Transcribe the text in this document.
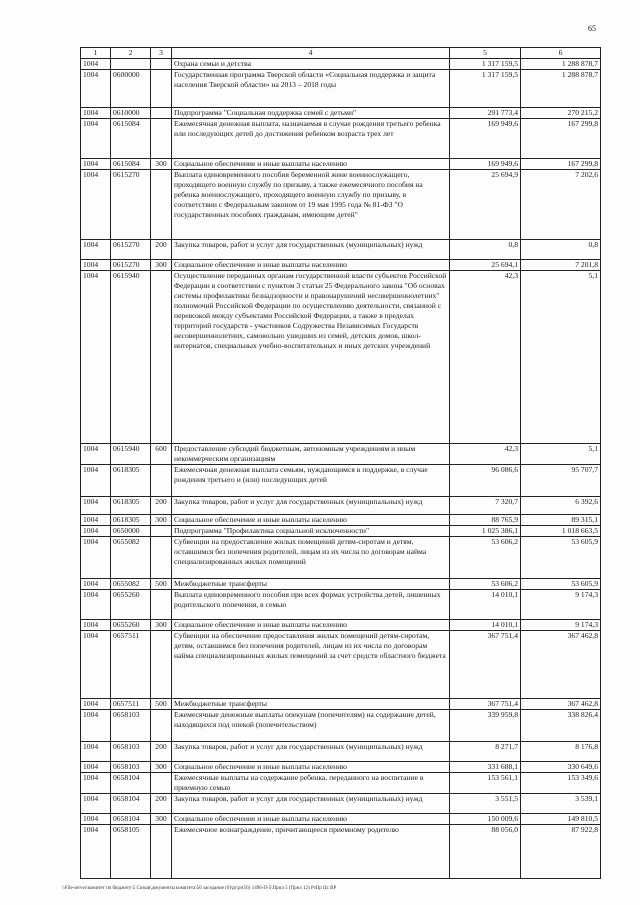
65
1	2	3	4	5	6
1004			Охрана семьи и детства	1 317 159,5	1 288 878,7
1004	0600000		Государственная программа Тверской области «Социальная поддержка и защита населения Тверской области» на 2013 – 2018 годы	1 317 159,5	1 288 878,7
1004	0610000		Подпрограмма "Социальная поддержка семей с детьми"	291 773,4	270 215,2
1004	0615084		Ежемесячная денежная выплата, назначаемая в случае рождения третьего ребенка или последующих детей до достижения ребенком возраста трех лет	169 949,6	167 299,8
1004	0615084	300	Социальное обеспечение и иные выплаты населению	169 949,6	167 299,8
1004	0615270		Выплата единовременного пособия беременной жене военнослужащего, проходящего военную службу по призыву, а также ежемесячного пособия на ребенка военнослужащего, проходящего военную службу по призыву, в соответствии с Федеральным законом от 19 мая 1995 года № 81-ФЗ "О государственных пособиях гражданам, имеющим детей"	25 694,9	7 202,6
1004	0615270	200	Закупка товаров, работ и услуг для государственных (муниципальных) нужд	0,8	0,8
1004	0615270	300	Социальное обеспечение и иные выплаты населению	25 694,1	7 201,8
1004	0615940		Осуществление переданных органам государственной власти субъектов Российской Федерации в соответствии с пунктом 3 статьи 25 Федерального закона "Об основах системы профилактики безнадзорности и правонарушений несовершеннолетних" полномочий Российской Федерации по осуществлению деятельности, связанной с перевозкой между субъектами Российской Федерации, а также в пределах территорий государств - участников Содружества Независимых Государств несовершеннолетних, самовольно ушедших из семей, детских домов, школ-интернатов, специальных учебно-воспитательных и иных детских учреждений	42,3	5,1
1004	0615940	600	Предоставление субсидий бюджетным, автономным учреждениям и иным некоммерческим организациям	42,3	5,1
1004	0618305		Ежемесячная денежная выплата семьям, нуждающимся в поддержке, в случае рождения третьего и (или) последующих детей	96 086,6	95 707,7
1004	0618305	200	Закупка товаров, работ и услуг для государственных (муниципальных) нужд	7 320,7	6 392,6
1004	0618305	300	Социальное обеспечение и иные выплаты населению	88 765,9	89 315,1
1004	0650000		Подпрограмма "Профилактика социальной исключенности"	1 025 386,1	1 018 663,5
1004	0655082		Субвенции на предоставление жилых помещений детям-сиротам и детям, оставшимся без попечения родителей, лицам из их числа по договорам найма специализированных жилых помещений	53 606,2	53 605,9
1004	0655082	500	Межбюджетные трансферты	53 606,2	53 605,9
1004	0655260		Выплата единовременного пособия при всех формах устройства детей, лишенных родительского попечения, в семью	14 010,1	9 174,3
1004	0655260	300	Социальное обеспечение и иные выплаты населению	14 010,1	9 174,3
1004	0657511		Субвенции на обеспечение предоставления жилых помещений детям-сиротам, детям, оставшимся без попечения родителей, лицам из их числа по договорам найма специализированных жилых помещений за счет средств областного бюджета	367 751,4	367 462,8
1004	0657511	500	Межбюджетные трансферты	367 751,4	367 462,8
1004	0658103		Ежемесячные денежные выплаты опекунам (попечителям) на содержание детей, находящихся под опекой (попечительством)	339 959,8	338 826,4
1004	0658103	200	Закупка товаров, работ и услуг для государственных (муниципальных) нужд	8 271,7	8 176,8
1004	0658103	300	Социальное обеспечение и иные выплаты населению	331 688,1	330 649,6
1004	0658104		Ежемесячные выплаты на содержание ребенка, переданного на воспитание в приемную семью	153 561,1	153 349,6
1004	0658104	200	Закупка товаров, работ и услуг для государственных (муниципальных) нужд	3 551,5	3 539,1
1004	0658104	300	Социальное обеспечение и иные выплаты населению	150 009,6	149 810,5
1004	0658105		Ежемесячное вознаграждение, причитающееся приемному родителю	88 056,0	87 922,8
\\File-server\комитет по бюджету\5 Созыв\документы комитета\56 заседание (6)\pr\pr(56) 1496-П-5\Прил 5 (Прил 12) РзПр Цс ВР
